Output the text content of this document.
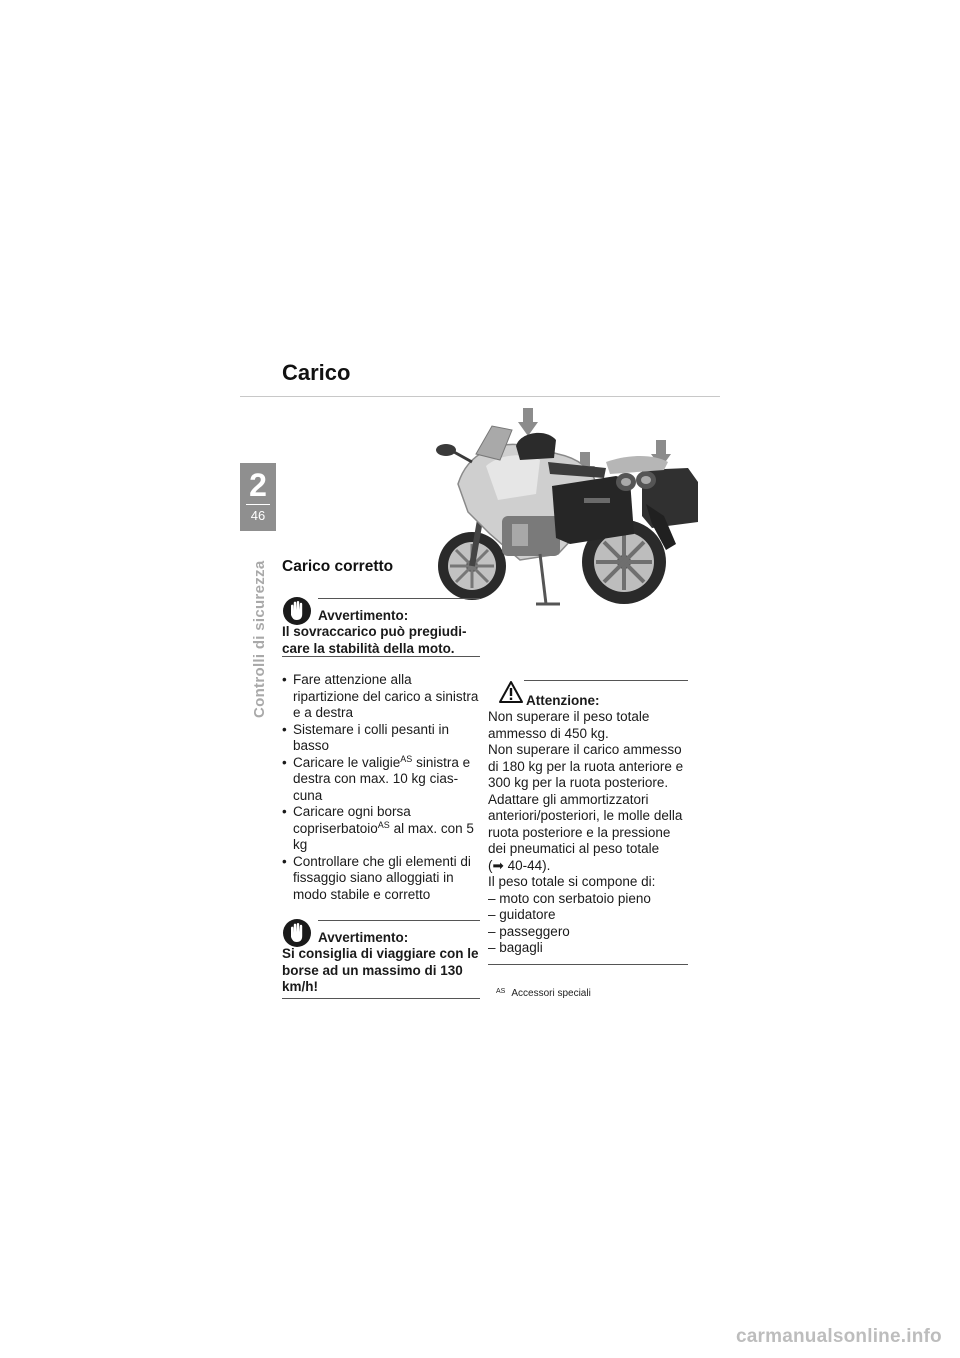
Carico
2
46
Controlli di sicurezza Carico corretto
Avvertimento:
Il sovraccarico può pregiudi-care la stabilità della moto.
• Fare attenzione alla ripartizione del carico a sinistra e a destra
• Sistemare i colli pesanti in basso
• Caricare le valigie$^{AS}$ sinistra e destra con max. 10 kg cias-cuna
• Caricare ogni borsa copriserbatoio$^{AS}$ al max. con 5 kg
• Controllare che gli elementi di fissaggio siano alloggiati in modo stabile e corretto
Avvertimento:
Si consiglia di viaggiare con le borse ad un massimo di 130 km/h!
Attenzione:

Non superare il peso totale ammesso di 450 kg.

Non superare il carico ammesso di 180 kg per la ruota anteriore e 300 kg per la ruota posteriore.

Adattare gli ammortizzatori anteriori/posteriori, le molle della ruota posteriore e la pressione dei pneumatici al peso totale
(➡ 40-44).

Il peso totale si compone di:

– moto con serbatoio pieno

– guidatore

– passeggero

– bagagli

$^{AS}$ Accessori speciali
carmanualsonline.info
